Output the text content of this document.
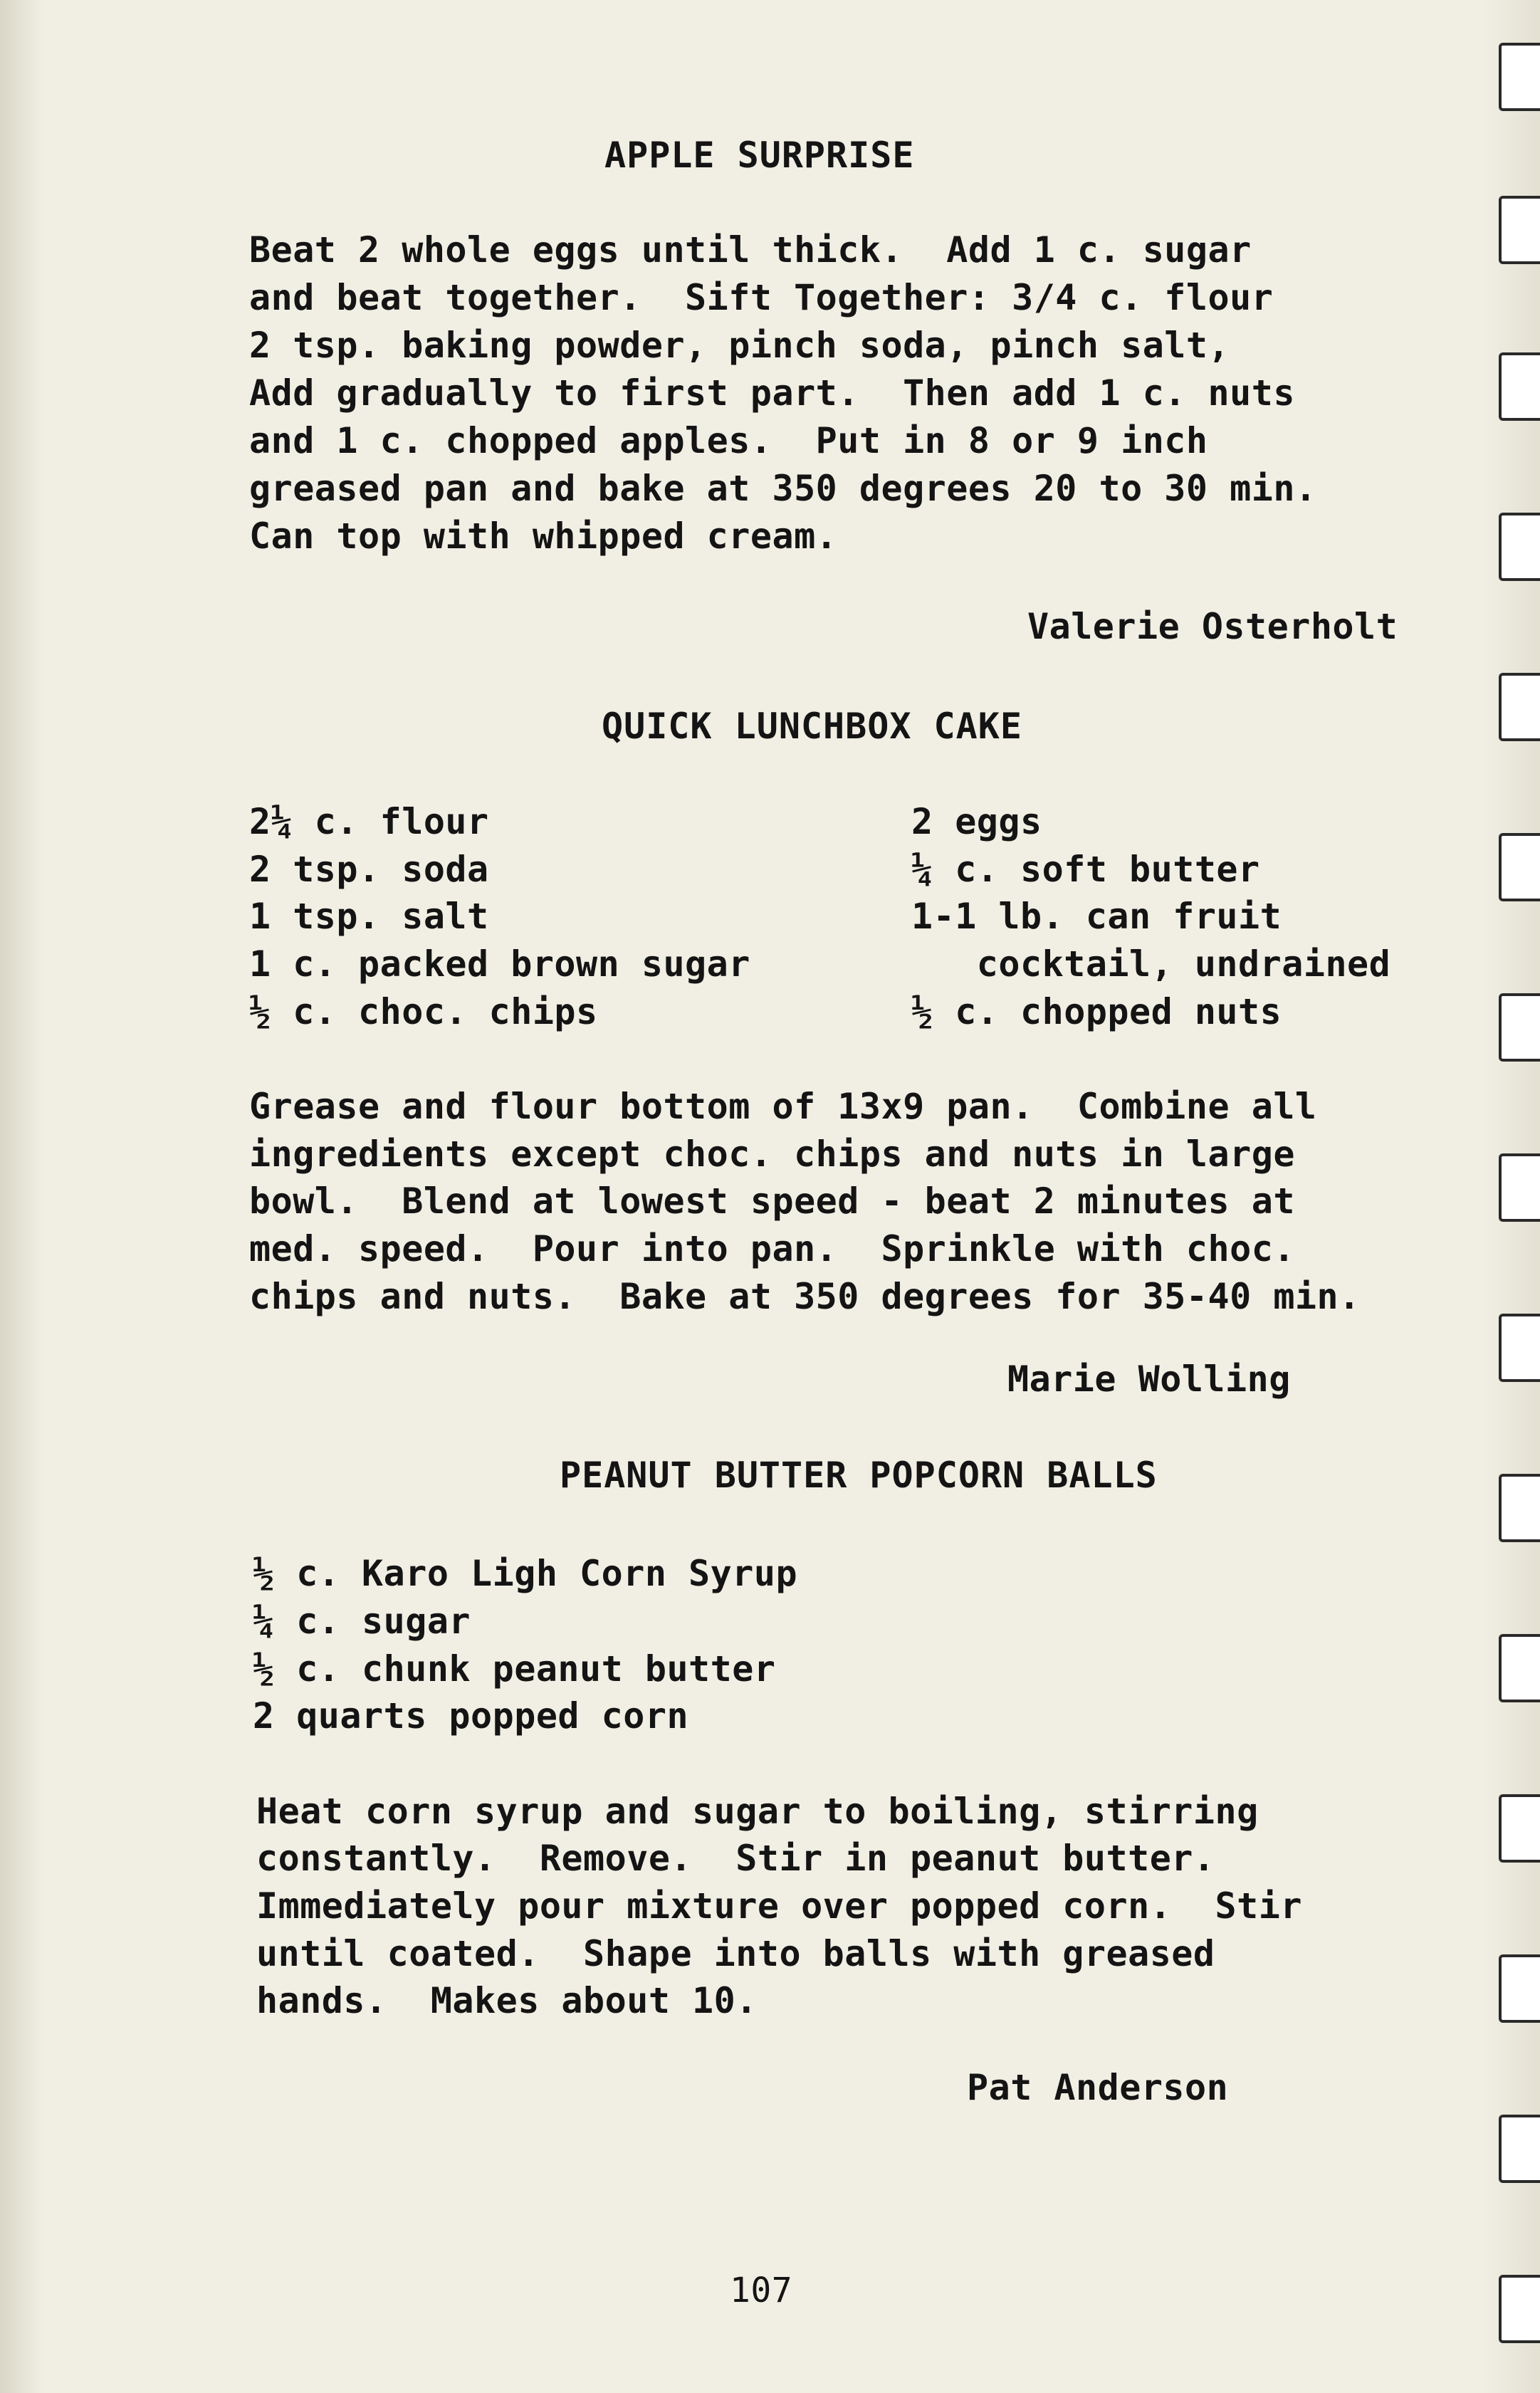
APPLE SURPRISE

Beat 2 whole eggs until thick.  Add 1 c. sugar

and beat together.  Sift Together: 3/4 c. flour

2 tsp. baking powder, pinch soda, pinch salt,

Add gradually to first part.  Then add 1 c. nuts

and 1 c. chopped apples.  Put in 8 or 9 inch

greased pan and bake at 350 degrees 20 to 30 min.

Can top with whipped cream.

Valerie Osterholt

QUICK LUNCHBOX CAKE

2¼ c. flour

2 tsp. soda

1 tsp. salt

1 c. packed brown sugar

½ c. choc. chips

2 eggs

¼ c. soft butter

1-1 lb. can fruit

cocktail, undrained

½ c. chopped nuts

Grease and flour bottom of 13x9 pan.  Combine all

ingredients except choc. chips and nuts in large

bowl.  Blend at lowest speed - beat 2 minutes at

med. speed.  Pour into pan.  Sprinkle with choc.

chips and nuts.  Bake at 350 degrees for 35-40 min.

Marie Wolling

PEANUT BUTTER POPCORN BALLS

½ c. Karo Ligh Corn Syrup

¼ c. sugar

½ c. chunk peanut butter

2 quarts popped corn

Heat corn syrup and sugar to boiling, stirring

constantly.  Remove.  Stir in peanut butter.

Immediately pour mixture over popped corn.  Stir

until coated.  Shape into balls with greased

hands.  Makes about 10.

Pat Anderson

107
